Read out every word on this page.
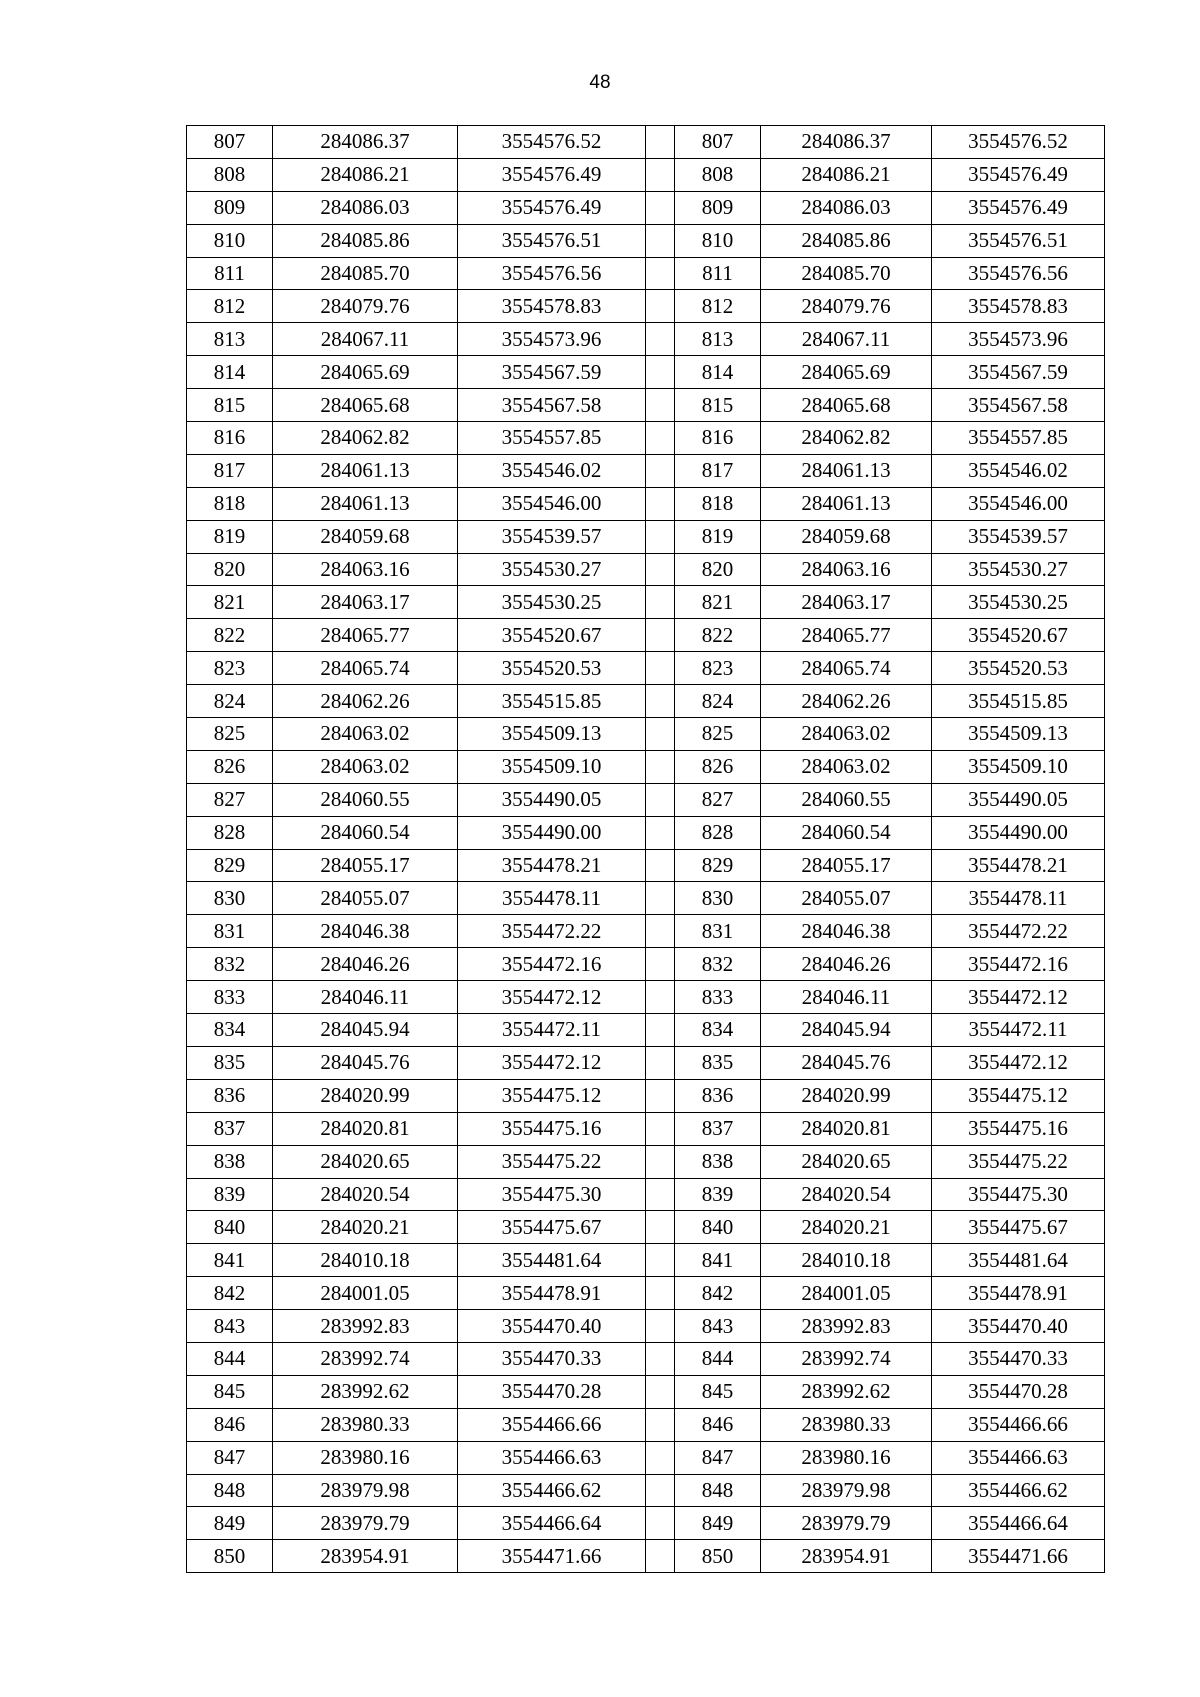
48
807	284086.37	3554576.52		807	284086.37	3554576.52
808	284086.21	3554576.49		808	284086.21	3554576.49
809	284086.03	3554576.49		809	284086.03	3554576.49
810	284085.86	3554576.51		810	284085.86	3554576.51
811	284085.70	3554576.56		811	284085.70	3554576.56
812	284079.76	3554578.83		812	284079.76	3554578.83
813	284067.11	3554573.96		813	284067.11	3554573.96
814	284065.69	3554567.59		814	284065.69	3554567.59
815	284065.68	3554567.58		815	284065.68	3554567.58
816	284062.82	3554557.85		816	284062.82	3554557.85
817	284061.13	3554546.02		817	284061.13	3554546.02
818	284061.13	3554546.00		818	284061.13	3554546.00
819	284059.68	3554539.57		819	284059.68	3554539.57
820	284063.16	3554530.27		820	284063.16	3554530.27
821	284063.17	3554530.25		821	284063.17	3554530.25
822	284065.77	3554520.67		822	284065.77	3554520.67
823	284065.74	3554520.53		823	284065.74	3554520.53
824	284062.26	3554515.85		824	284062.26	3554515.85
825	284063.02	3554509.13		825	284063.02	3554509.13
826	284063.02	3554509.10		826	284063.02	3554509.10
827	284060.55	3554490.05		827	284060.55	3554490.05
828	284060.54	3554490.00		828	284060.54	3554490.00
829	284055.17	3554478.21		829	284055.17	3554478.21
830	284055.07	3554478.11		830	284055.07	3554478.11
831	284046.38	3554472.22		831	284046.38	3554472.22
832	284046.26	3554472.16		832	284046.26	3554472.16
833	284046.11	3554472.12		833	284046.11	3554472.12
834	284045.94	3554472.11		834	284045.94	3554472.11
835	284045.76	3554472.12		835	284045.76	3554472.12
836	284020.99	3554475.12		836	284020.99	3554475.12
837	284020.81	3554475.16		837	284020.81	3554475.16
838	284020.65	3554475.22		838	284020.65	3554475.22
839	284020.54	3554475.30		839	284020.54	3554475.30
840	284020.21	3554475.67		840	284020.21	3554475.67
841	284010.18	3554481.64		841	284010.18	3554481.64
842	284001.05	3554478.91		842	284001.05	3554478.91
843	283992.83	3554470.40		843	283992.83	3554470.40
844	283992.74	3554470.33		844	283992.74	3554470.33
845	283992.62	3554470.28		845	283992.62	3554470.28
846	283980.33	3554466.66		846	283980.33	3554466.66
847	283980.16	3554466.63		847	283980.16	3554466.63
848	283979.98	3554466.62		848	283979.98	3554466.62
849	283979.79	3554466.64		849	283979.79	3554466.64
850	283954.91	3554471.66		850	283954.91	3554471.66
